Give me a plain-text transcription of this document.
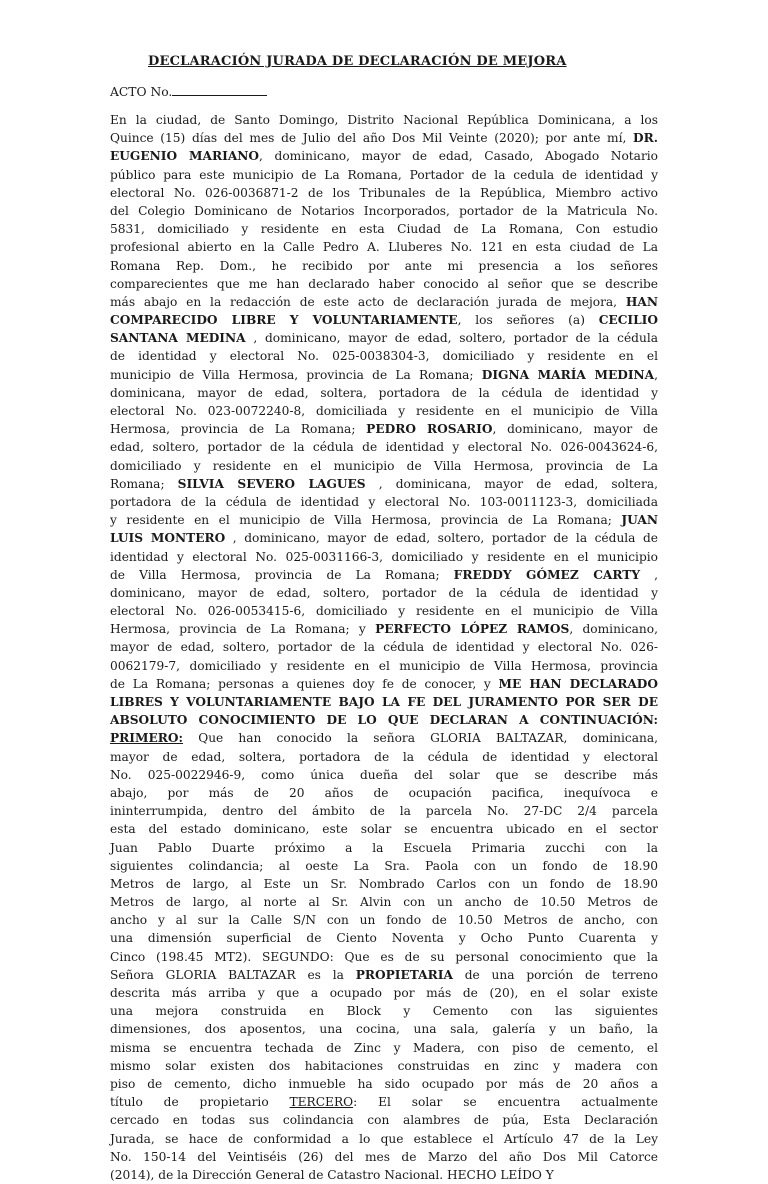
DECLARACIÓN JURADA DE DECLARACIÓN DE MEJORA
ACTO No.
En la ciudad, de Santo Domingo, Distrito Nacional República Dominicana, a los
Quince (15) días del mes de Julio del año Dos Mil Veinte (2020); por ante mí, DR.
EUGENIO MARIANO, dominicano, mayor de edad, Casado, Abogado Notario
público para este municipio de La Romana, Portador de la cedula de identidad y
electoral No. 026-0036871-2 de los Tribunales de la República, Miembro activo
del Colegio Dominicano de Notarios Incorporados, portador de la Matricula No.
5831, domiciliado y residente en esta Ciudad de La Romana, Con estudio
profesional abierto en la Calle Pedro A. Lluberes No. 121 en esta ciudad de La
Romana Rep. Dom., he recibido por ante mi presencia a los señores
comparecientes que me han declarado haber conocido al señor que se describe
más abajo en la redacción de este acto de declaración jurada de mejora, HAN
COMPARECIDO LIBRE Y VOLUNTARIAMENTE, los señores (a) CECILIO
SANTANA MEDINA , dominicano, mayor de edad, soltero, portador de la cédula
de identidad y electoral No. 025-0038304-3, domiciliado y residente en el
municipio de Villa Hermosa, provincia de La Romana; DIGNA MARÍA MEDINA,
dominicana, mayor de edad, soltera, portadora de la cédula de identidad y
electoral No. 023-0072240-8, domiciliada y residente en el municipio de Villa
Hermosa, provincia de La Romana; PEDRO ROSARIO, dominicano, mayor de
edad, soltero, portador de la cédula de identidad y electoral No. 026-0043624-6,
domiciliado y residente en el municipio de Villa Hermosa, provincia de La
Romana; SILVIA SEVERO LAGUES , dominicana, mayor de edad, soltera,
portadora de la cédula de identidad y electoral No. 103-0011123-3, domiciliada
y residente en el municipio de Villa Hermosa, provincia de La Romana; JUAN
LUIS MONTERO , dominicano, mayor de edad, soltero, portador de la cédula de
identidad y electoral No. 025-0031166-3, domiciliado y residente en el municipio
de Villa Hermosa, provincia de La Romana; FREDDY GÓMEZ CARTY ,
dominicano, mayor de edad, soltero, portador de la cédula de identidad y
electoral No. 026-0053415-6, domiciliado y residente en el municipio de Villa
Hermosa, provincia de La Romana; y PERFECTO LÓPEZ RAMOS, dominicano,
mayor de edad, soltero, portador de la cédula de identidad y electoral No. 026-
0062179-7, domiciliado y residente en el municipio de Villa Hermosa, provincia
de La Romana; personas a quienes doy fe de conocer, y ME HAN DECLARADO
LIBRES Y VOLUNTARIAMENTE BAJO LA FE DEL JURAMENTO POR SER DE
ABSOLUTO CONOCIMIENTO DE LO QUE DECLARAN A CONTINUACIÓN:
PRIMERO: Que han conocido la señora GLORIA BALTAZAR, dominicana,
mayor de edad, soltera, portadora de la cédula de identidad y electoral
No. 025-0022946-9, como única dueña del solar que se describe más
abajo, por más de 20 años de ocupación pacifica, inequívoca e
ininterrumpida, dentro del ámbito de la parcela No. 27-DC 2/4 parcela
esta del estado dominicano, este solar se encuentra ubicado en el sector
Juan Pablo Duarte próximo a la Escuela Primaria zucchi con la
siguientes colindancia; al oeste La Sra. Paola con un fondo de 18.90
Metros de largo, al Este un Sr. Nombrado Carlos con un fondo de 18.90
Metros de largo, al norte al Sr. Alvin con un ancho de 10.50 Metros de
ancho y al sur la Calle S/N con un fondo de 10.50 Metros de ancho, con
una dimensión superficial de Ciento Noventa y Ocho Punto Cuarenta y
Cinco (198.45 MT2). SEGUNDO: Que es de su personal conocimiento que la
Señora GLORIA BALTAZAR es la PROPIETARIA de una porción de terreno
descrita más arriba y que a ocupado por más de (20), en el solar existe
una mejora construida en Block y Cemento con las siguientes
dimensiones, dos aposentos, una cocina, una sala, galería y un baño, la
misma se encuentra techada de Zinc y Madera, con piso de cemento, el
mismo solar existen dos habitaciones construidas en zinc y madera con
piso de cemento, dicho inmueble ha sido ocupado por más de 20 años a
título de propietario TERCERO: El solar se encuentra actualmente
cercado en todas sus colindancia con alambres de púa, Esta Declaración
Jurada, se hace de conformidad a lo que establece el Artículo 47 de la Ley
No. 150-14 del Veintiséis (26) del mes de Marzo del año Dos Mil Catorce
(2014), de la Dirección General de Catastro Nacional. HECHO LEÍDO Y
